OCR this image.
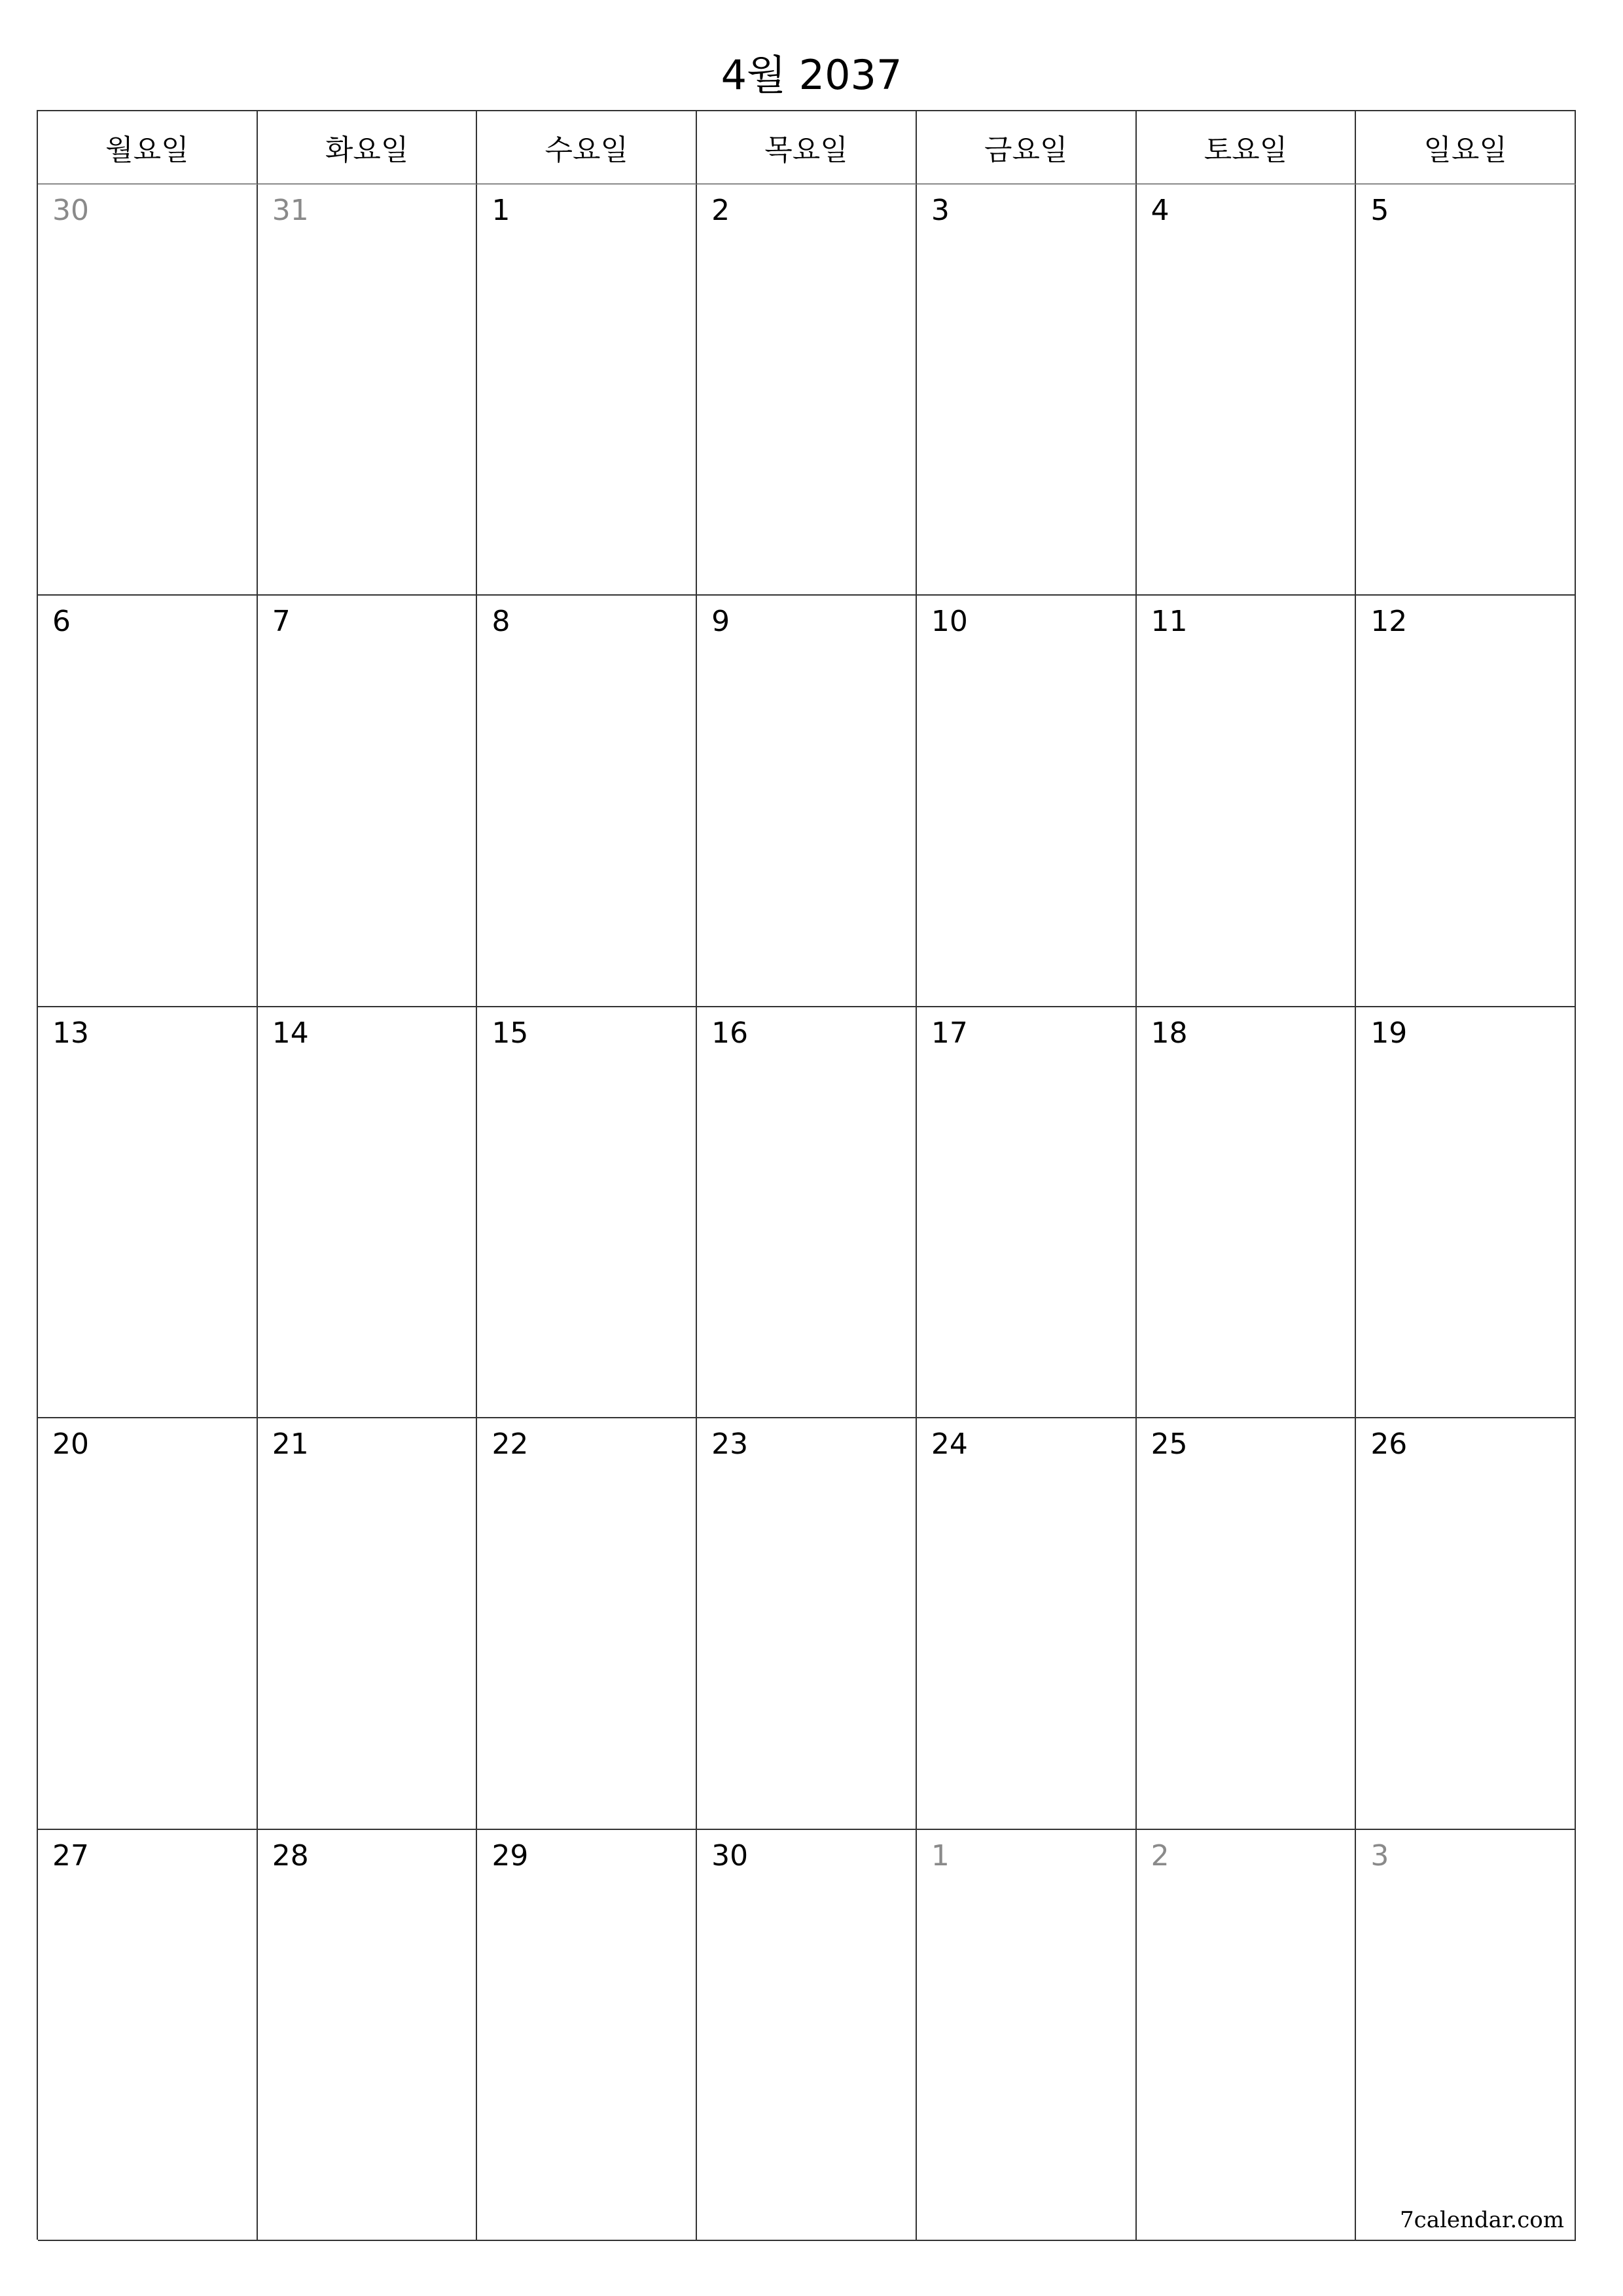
4월 2037
월요일	화요일	수요일	목요일	금요일	토요일	일요일
30	31	1	2	3	4	5
6	7	8	9	10	11	12
13	14	15	16	17	18	19
20	21	22	23	24	25	26
27	28	29	30	1	2	3
7calendar.com
